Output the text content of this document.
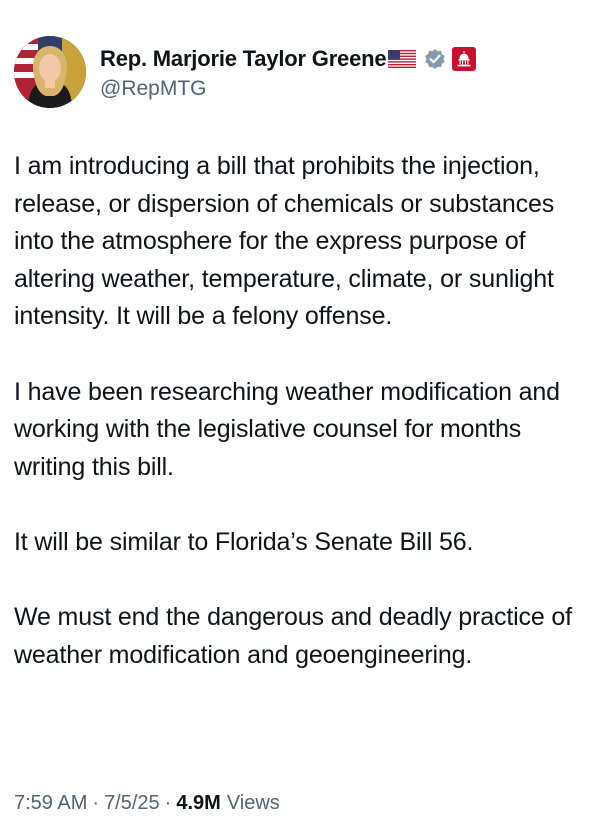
Rep. Marjorie Taylor Greene
@RepMTG

I am introducing a bill that prohibits the injection, release, or dispersion of chemicals or substances into the atmosphere for the express purpose of altering weather, temperature, climate, or sunlight intensity. It will be a felony offense.

I have been researching weather modification and working with the legislative counsel for months writing this bill.

It will be similar to Florida’s Senate Bill 56.

We must end the dangerous and deadly practice of weather modification and geoengineering.

7:59 AM · 7/5/25 · 4.9M Views
